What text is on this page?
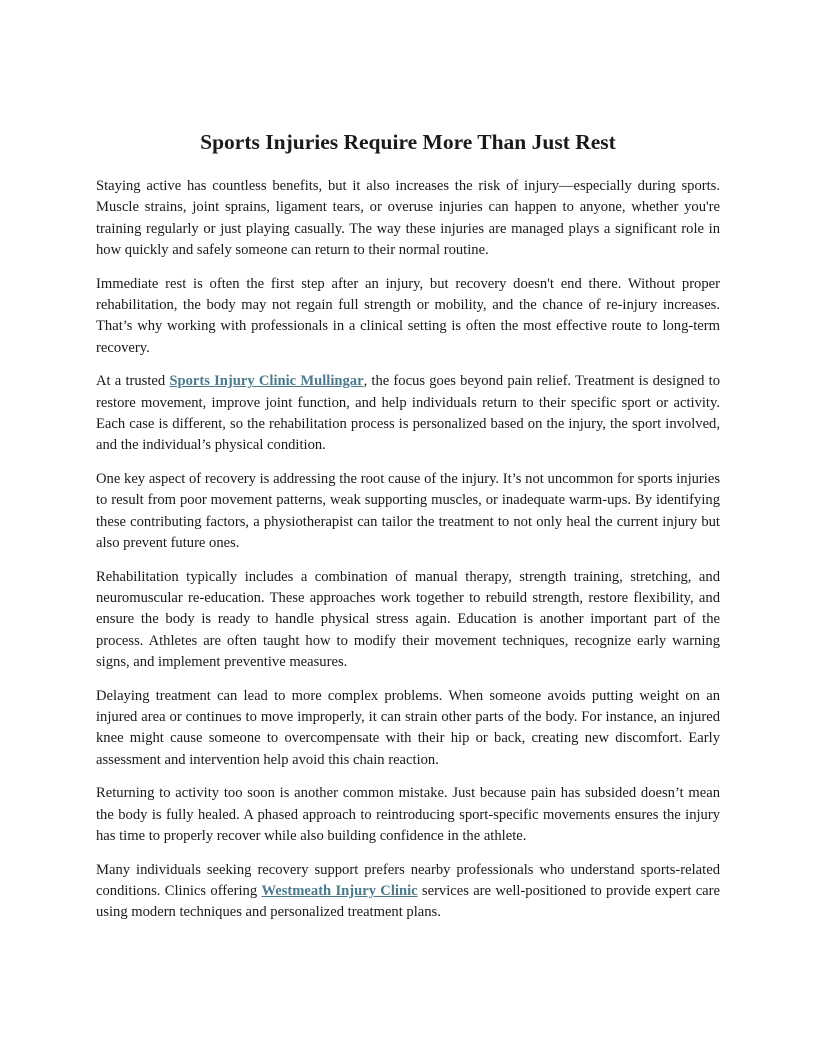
Sports Injuries Require More Than Just Rest

Staying active has countless benefits, but it also increases the risk of injury—especially during sports. Muscle strains, joint sprains, ligament tears, or overuse injuries can happen to anyone, whether you're training regularly or just playing casually. The way these injuries are managed plays a significant role in how quickly and safely someone can return to their normal routine.

Immediate rest is often the first step after an injury, but recovery doesn't end there. Without proper rehabilitation, the body may not regain full strength or mobility, and the chance of re-injury increases. That’s why working with professionals in a clinical setting is often the most effective route to long-term recovery.

At a trusted Sports Injury Clinic Mullingar, the focus goes beyond pain relief. Treatment is designed to restore movement, improve joint function, and help individuals return to their specific sport or activity. Each case is different, so the rehabilitation process is personalized based on the injury, the sport involved, and the individual’s physical condition.

One key aspect of recovery is addressing the root cause of the injury. It’s not uncommon for sports injuries to result from poor movement patterns, weak supporting muscles, or inadequate warm-ups. By identifying these contributing factors, a physiotherapist can tailor the treatment to not only heal the current injury but also prevent future ones.

Rehabilitation typically includes a combination of manual therapy, strength training, stretching, and neuromuscular re-education. These approaches work together to rebuild strength, restore flexibility, and ensure the body is ready to handle physical stress again. Education is another important part of the process. Athletes are often taught how to modify their movement techniques, recognize early warning signs, and implement preventive measures.

Delaying treatment can lead to more complex problems. When someone avoids putting weight on an injured area or continues to move improperly, it can strain other parts of the body. For instance, an injured knee might cause someone to overcompensate with their hip or back, creating new discomfort. Early assessment and intervention help avoid this chain reaction.

Returning to activity too soon is another common mistake. Just because pain has subsided doesn’t mean the body is fully healed. A phased approach to reintroducing sport-specific movements ensures the injury has time to properly recover while also building confidence in the athlete.

Many individuals seeking recovery support prefers nearby professionals who understand sports-related conditions. Clinics offering Westmeath Injury Clinic services are well-positioned to provide expert care using modern techniques and personalized treatment plans.
